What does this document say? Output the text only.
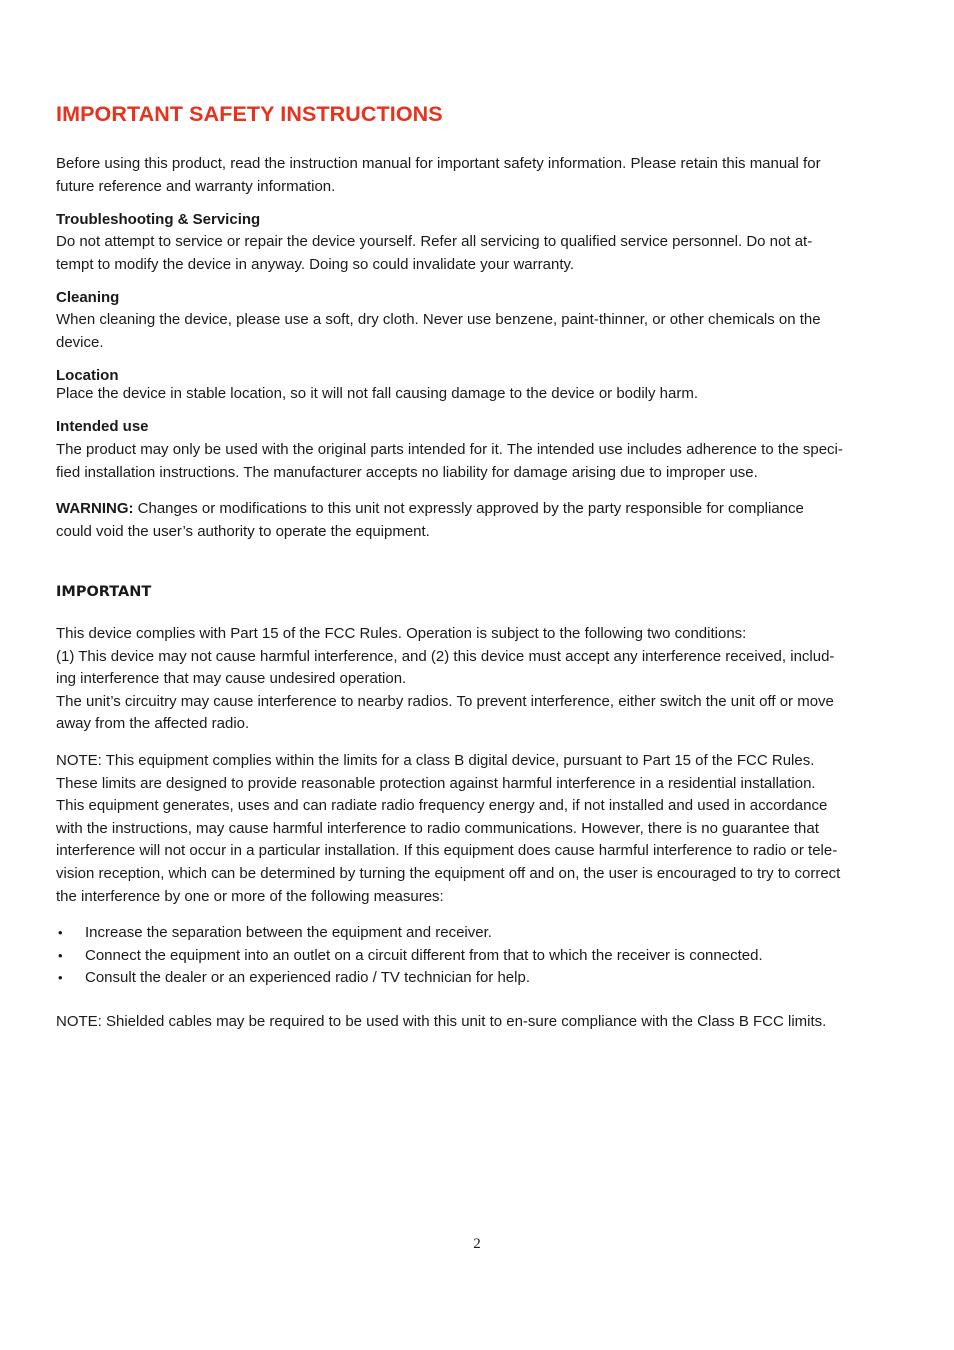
IMPORTANT SAFETY INSTRUCTIONS
Before using this product, read the instruction manual for important safety information. Please retain this manual for
future reference and warranty information.
Troubleshooting & Servicing
Do not attempt to service or repair the device yourself. Refer all servicing to qualified service personnel. Do not at-
tempt to modify the device in anyway. Doing so could invalidate your warranty.
Cleaning
When cleaning the device, please use a soft, dry cloth. Never use benzene, paint-thinner, or other chemicals on the
device.
Location
Place the device in stable location, so it will not fall causing damage to the device or bodily harm.
Intended use
The product may only be used with the original parts intended for it. The intended use includes adherence to the speci-
fied installation instructions. The manufacturer accepts no liability for damage arising due to improper use.
WARNING: Changes or modifications to this unit not expressly approved by the party responsible for compliance
could void the user’s authority to operate the equipment.
IMPORTANT
This device complies with Part 15 of the FCC Rules. Operation is subject to the following two conditions:
(1) This device may not cause harmful interference, and (2) this device must accept any interference received, includ-
ing interference that may cause undesired operation.
The unit’s circuitry may cause interference to nearby radios. To prevent interference, either switch the unit off or move
away from the affected radio.
NOTE: This equipment complies within the limits for a class B digital device, pursuant to Part 15 of the FCC Rules.
These limits are designed to provide reasonable protection against harmful interference in a residential installation.
This equipment generates, uses and can radiate radio frequency energy and, if not installed and used in accordance
with the instructions, may cause harmful interference to radio communications. However, there is no guarantee that
interference will not occur in a particular installation. If this equipment does cause harmful interference to radio or tele-
vision reception, which can be determined by turning the equipment off and on, the user is encouraged to try to correct
the interference by one or more of the following measures:
• Increase the separation between the equipment and receiver.
• Connect the equipment into an outlet on a circuit different from that to which the receiver is connected.
• Consult the dealer or an experienced radio / TV technician for help.
NOTE: Shielded cables may be required to be used with this unit to en-sure compliance with the Class B FCC limits.
2
